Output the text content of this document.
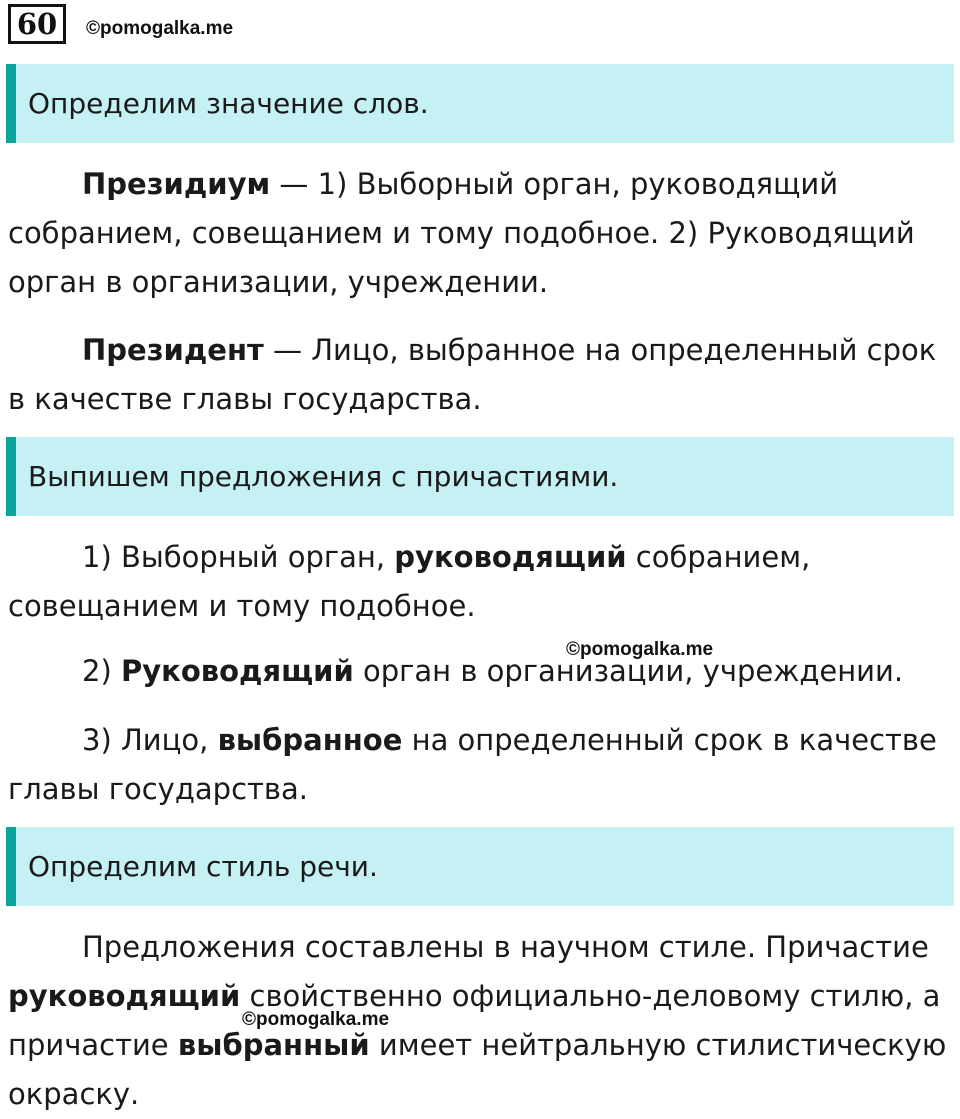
60	©pomogalka.me
Определим значение слов.
Президиум — 1) Выборный орган, руководящий собранием, совещанием и тому подобное. 2) Руководящий орган в организации, учреждении.
Президент — Лицо, выбранное на определенный срок в качестве главы государства.
Выпишем предложения с причастиями.
1) Выборный орган, руководящий собранием, совещанием и тому подобное.
©pomogalka.me
2) Руководящий орган в организации, учреждении.
3) Лицо, выбранное на определенный срок в качестве главы государства.
Определим стиль речи.
Предложения составлены в научном стиле. Причастие руководящий свойственно официально-деловому стилю, а причастие выбранный имеет нейтральную стилистическую окраску.
©pomogalka.me
